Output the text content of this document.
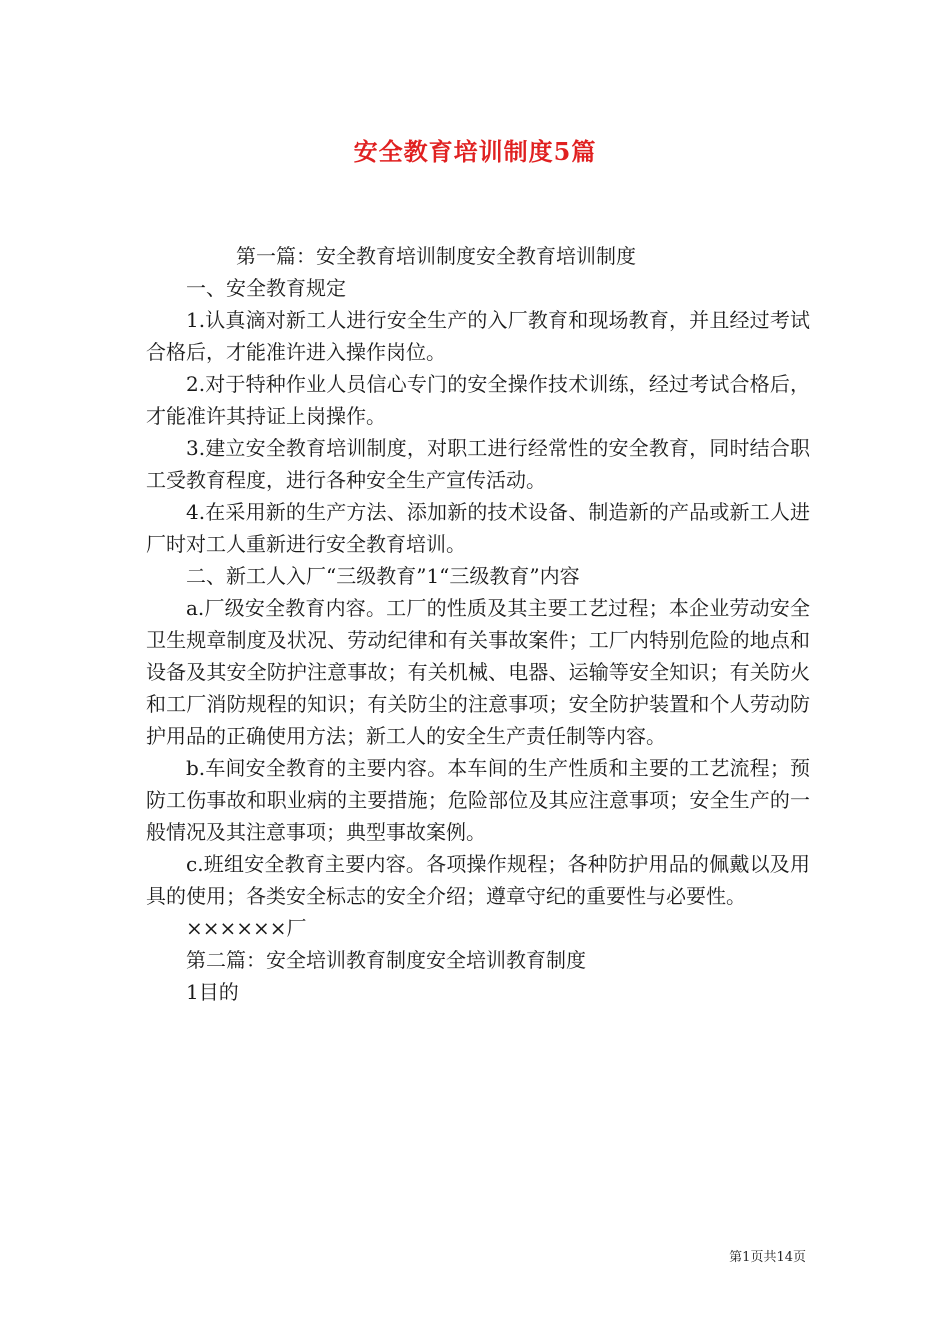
安全教育培训制度5篇

第一篇：安全教育培训制度安全教育培训制度

一、安全教育规定

1.认真滴对新工人进行安全生产的入厂教育和现场教育，并且经过考试合格后，才能准许进入操作岗位。

2.对于特种作业人员信心专门的安全操作技术训练，经过考试合格后，才能准许其持证上岗操作。

3.建立安全教育培训制度，对职工进行经常性的安全教育，同时结合职工受教育程度，进行各种安全生产宣传活动。

4.在采用新的生产方法、添加新的技术设备、制造新的产品或新工人进厂时对工人重新进行安全教育培训。

二、新工人入厂“三级教育”1“三级教育”内容

a.厂级安全教育内容。工厂的性质及其主要工艺过程；本企业劳动安全卫生规章制度及状况、劳动纪律和有关事故案件；工厂内特别危险的地点和设备及其安全防护注意事故；有关机械、电器、运输等安全知识；有关防火和工厂消防规程的知识；有关防尘的注意事项；安全防护装置和个人劳动防护用品的正确使用方法；新工人的安全生产责任制等内容。

b.车间安全教育的主要内容。本车间的生产性质和主要的工艺流程；预防工伤事故和职业病的主要措施；危险部位及其应注意事项；安全生产的一般情况及其注意事项；典型事故案例。

c.班组安全教育主要内容。各项操作规程；各种防护用品的佩戴以及用具的使用；各类安全标志的安全介绍；遵章守纪的重要性与必要性。

××××××厂

第二篇：安全培训教育制度安全培训教育制度

1目的

第1页共14页
